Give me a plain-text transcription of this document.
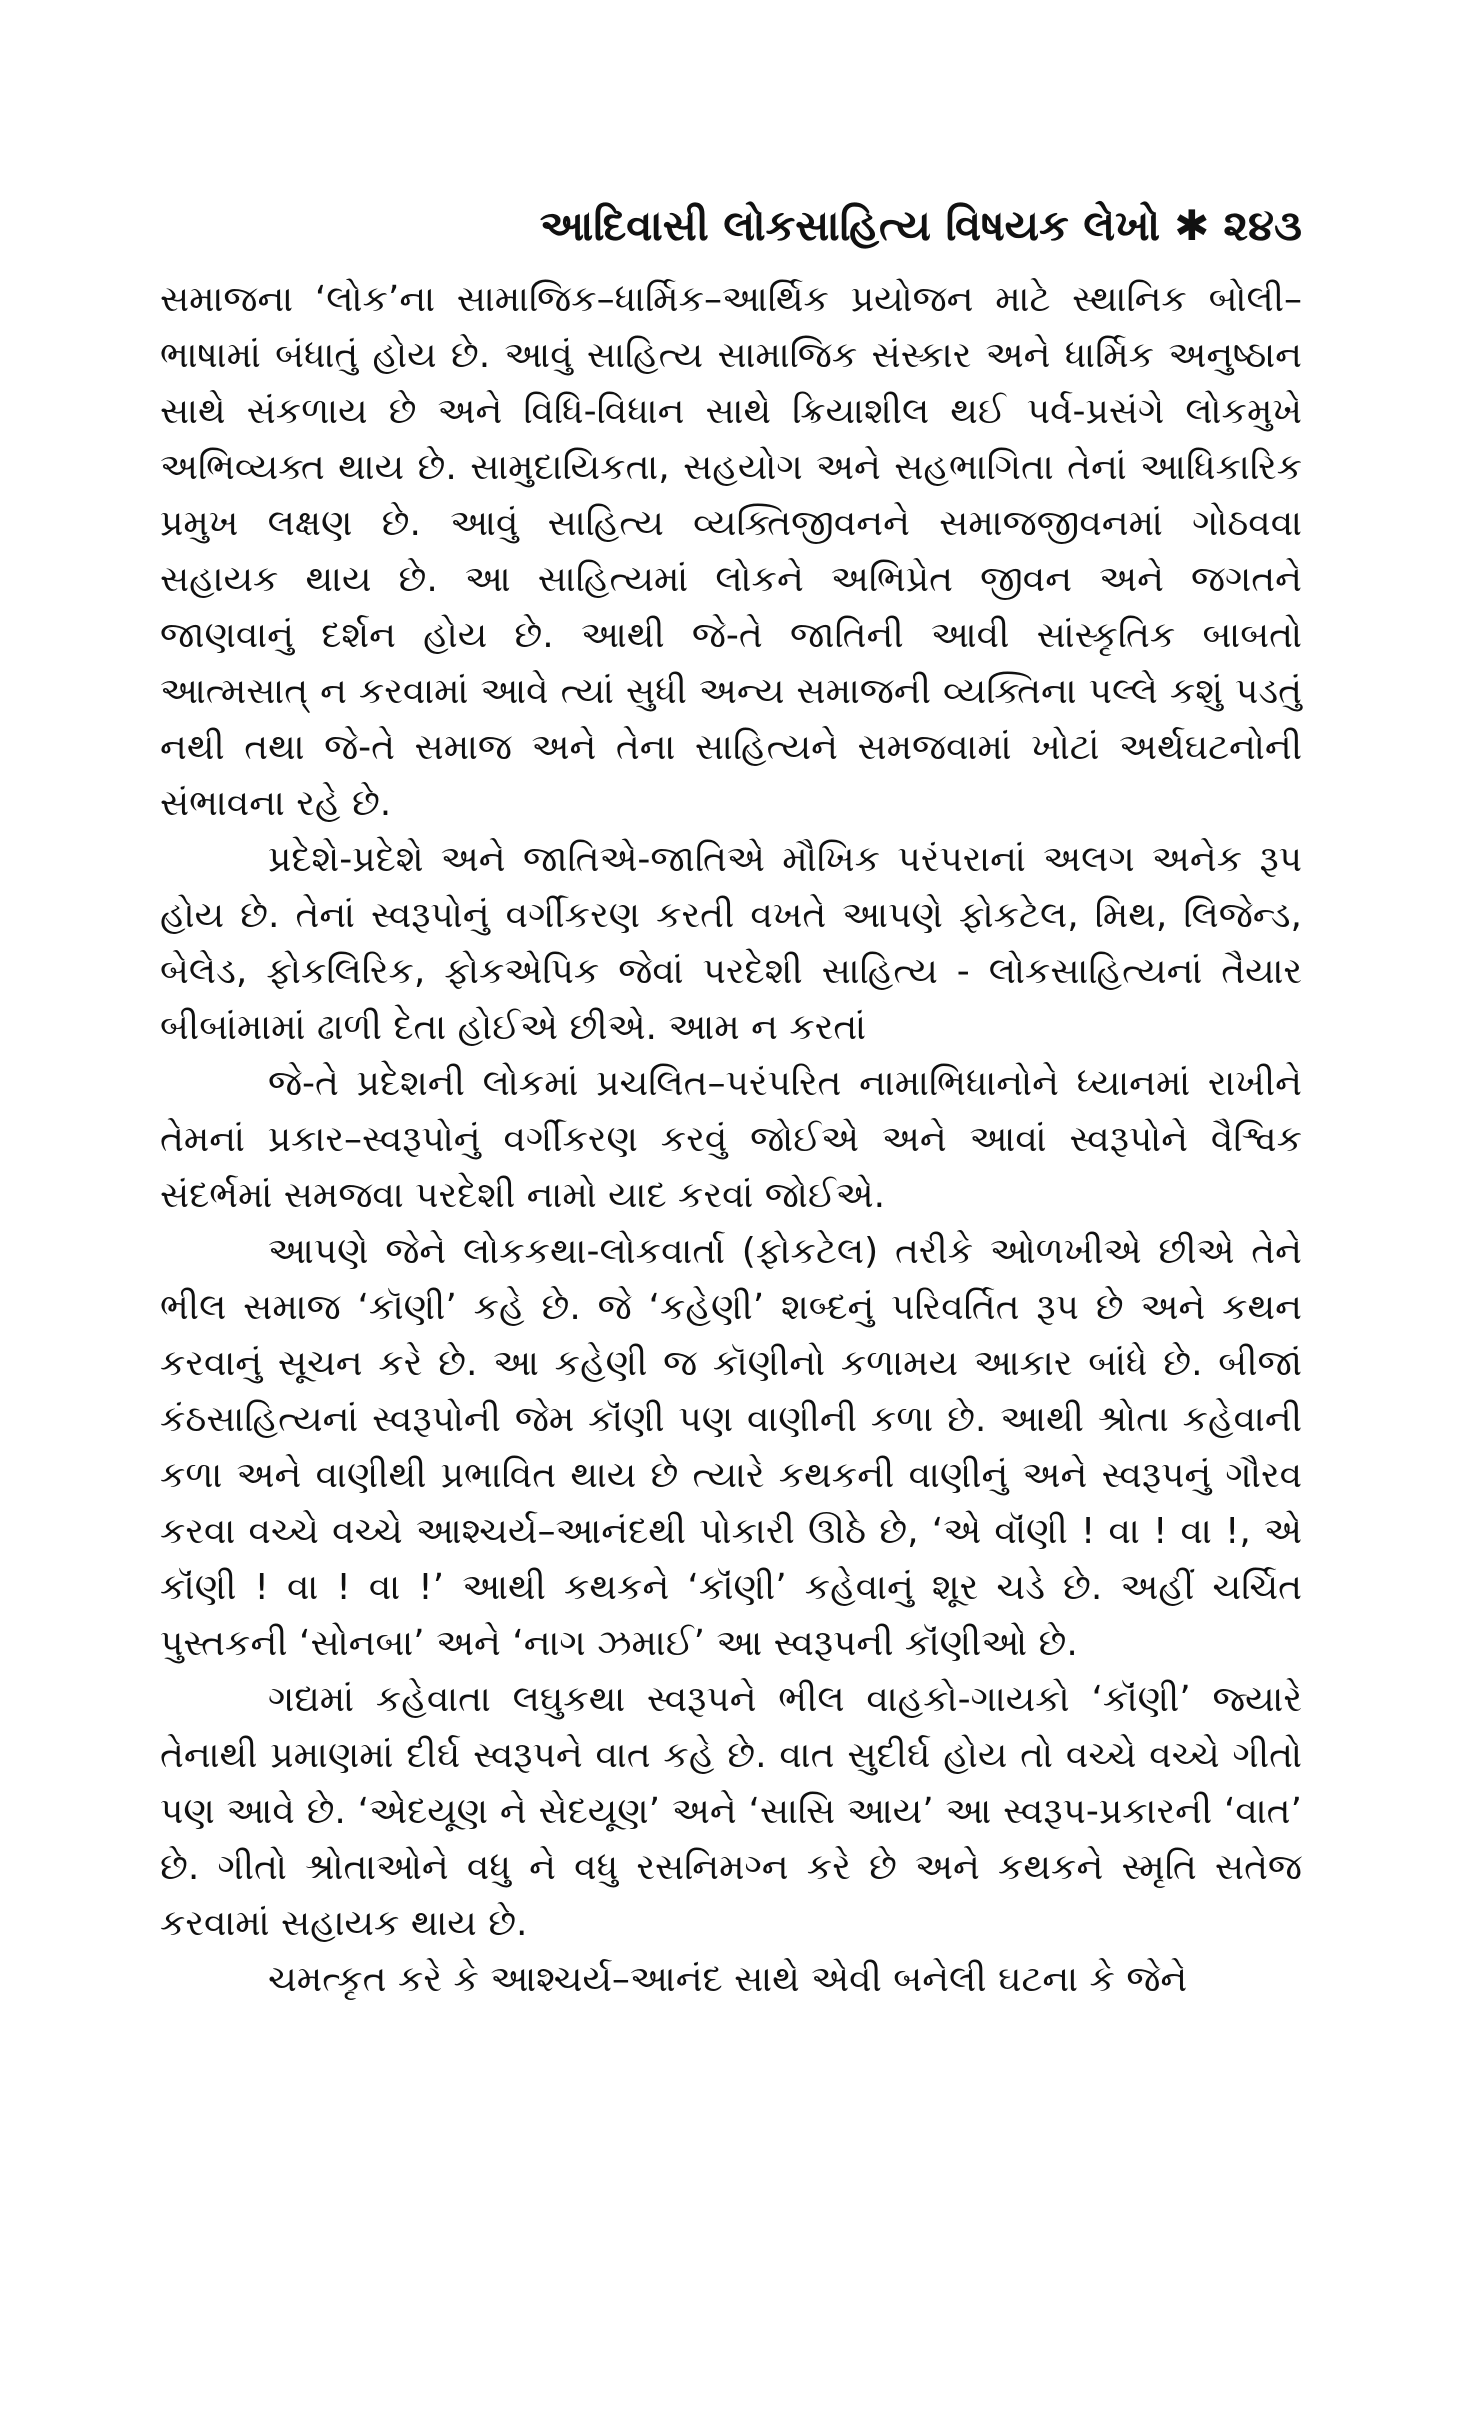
આદિવાસી લોકસાહિત્ય વિષયક લેખો ✱ ૨૪૩

સમાજના ‘લોક’ના સામાજિક–ધાર્મિક–આર્થિક પ્રયોજન માટે સ્થાનિક બોલી–ભાષામાં બંધાતું હોય છે. આવું સાહિત્ય સામાજિક સંસ્કાર અને ધાર્મિક અનુષ્ઠાન સાથે સંકળાય છે અને વિધિ-વિધાન સાથે ક્રિયાશીલ થઈ પર્વ-પ્રસંગે લોકમુખે અભિવ્યક્ત થાય છે. સામુદાયિકતા, સહયોગ અને સહભાગિતા તેનાં આધિકારિક પ્રમુખ લક્ષણ છે. આવું સાહિત્ય વ્યક્તિજીવનને સમાજજીવનમાં ગોઠવવા સહાયક થાય છે. આ સાહિત્યમાં લોકને અભિપ્રેત જીવન અને જગતને જાણવાનું દર્શન હોય છે. આથી જે-તે જાતિની આવી સાંસ્કૃતિક બાબતો આત્મસાત્ ન કરવામાં આવે ત્યાં સુધી અન્ય સમાજની વ્યક્તિના પલ્લે કશું પડતું નથી તથા જે-તે સમાજ અને તેના સાહિત્યને સમજવામાં ખોટાં અર્થઘટનોની સંભાવના રહે છે.

પ્રદેશે-પ્રદેશે અને જાતિએ-જાતિએ મૌખિક પરંપરાનાં અલગ અનેક રૂપ હોય છે. તેનાં સ્વરૂપોનું વર્ગીકરણ કરતી વખતે આપણે ફોકટેલ, મિથ, લિજેન્ડ, બેલેડ, ફોકલિરિક, ફોકએપિક જેવાં પરદેશી સાહિત્ય - લોકસાહિત્યનાં તૈયાર બીબાંમામાં ઢાળી દેતા હોઈએ છીએ. આમ ન કરતાં

જે-તે પ્રદેશની લોકમાં પ્રચલિત–પરંપરિત નામાભિધાનોને ધ્યાનમાં રાખીને તેમનાં પ્રકાર–સ્વરૂપોનું વર્ગીકરણ કરવું જોઈએ અને આવાં સ્વરૂપોને વૈશ્વિક સંદર્ભમાં સમજવા પરદેશી નામો યાદ કરવાં જોઈએ.

આપણે જેને લોકકથા-લોકવાર્તા (ફોકટેલ) તરીકે ઓળખીએ છીએ તેને ભીલ સમાજ ‘કૉણી’ કહે છે. જે ‘કહેણી’ શબ્દનું પરિવર્તિત રૂપ છે અને કથન કરવાનું સૂચન કરે છે. આ કહેણી જ કૉણીનો કળામય આકાર બાંધે છે. બીજાં કંઠસાહિત્યનાં સ્વરૂપોની જેમ કૉંણી પણ વાણીની કળા છે. આથી શ્રોતા કહેવાની કળા અને વાણીથી પ્રભાવિત થાય છે ત્યારે કથકની વાણીનું અને સ્વરૂપનું ગૌરવ કરવા વચ્ચે વચ્ચે આશ્ચર્ય–આનંદથી પોકારી ઊઠે છે, ‘એ વૉંણી ! વા ! વા !, એ કૉંણી ! વા ! વા !’ આથી કથકને ‘કૉંણી’ કહેવાનું શૂર ચડે છે. અહીં ચર્ચિત પુસ્તકની ‘સોનબા’ અને ‘નાગ ઝમાઈ’ આ સ્વરૂપની કૉંણીઓ છે.

ગદ્યમાં કહેવાતા લઘુકથા સ્વરૂપને ભીલ વાહકો-ગાયકો ‘કૉંણી’ જ્યારે તેનાથી પ્રમાણમાં દીર્ઘ સ્વરૂપને વાત કહે છે. વાત સુદીર્ઘ હોય તો વચ્ચે વચ્ચે ગીતો પણ આવે છે. ‘એદયૂણ ને સેદયૂણ’ અને ‘સાસિ આય’ આ સ્વરૂપ-પ્રકારની ‘વાત’ છે. ગીતો શ્રોતાઓને વધુ ને વધુ રસનિમગ્ન કરે છે અને કથકને સ્મૃતિ સતેજ કરવામાં સહાયક થાય છે.

ચમત્કૃત કરે કે આશ્ચર્ય–આનંદ સાથે એવી બનેલી ઘટના કે જેને
